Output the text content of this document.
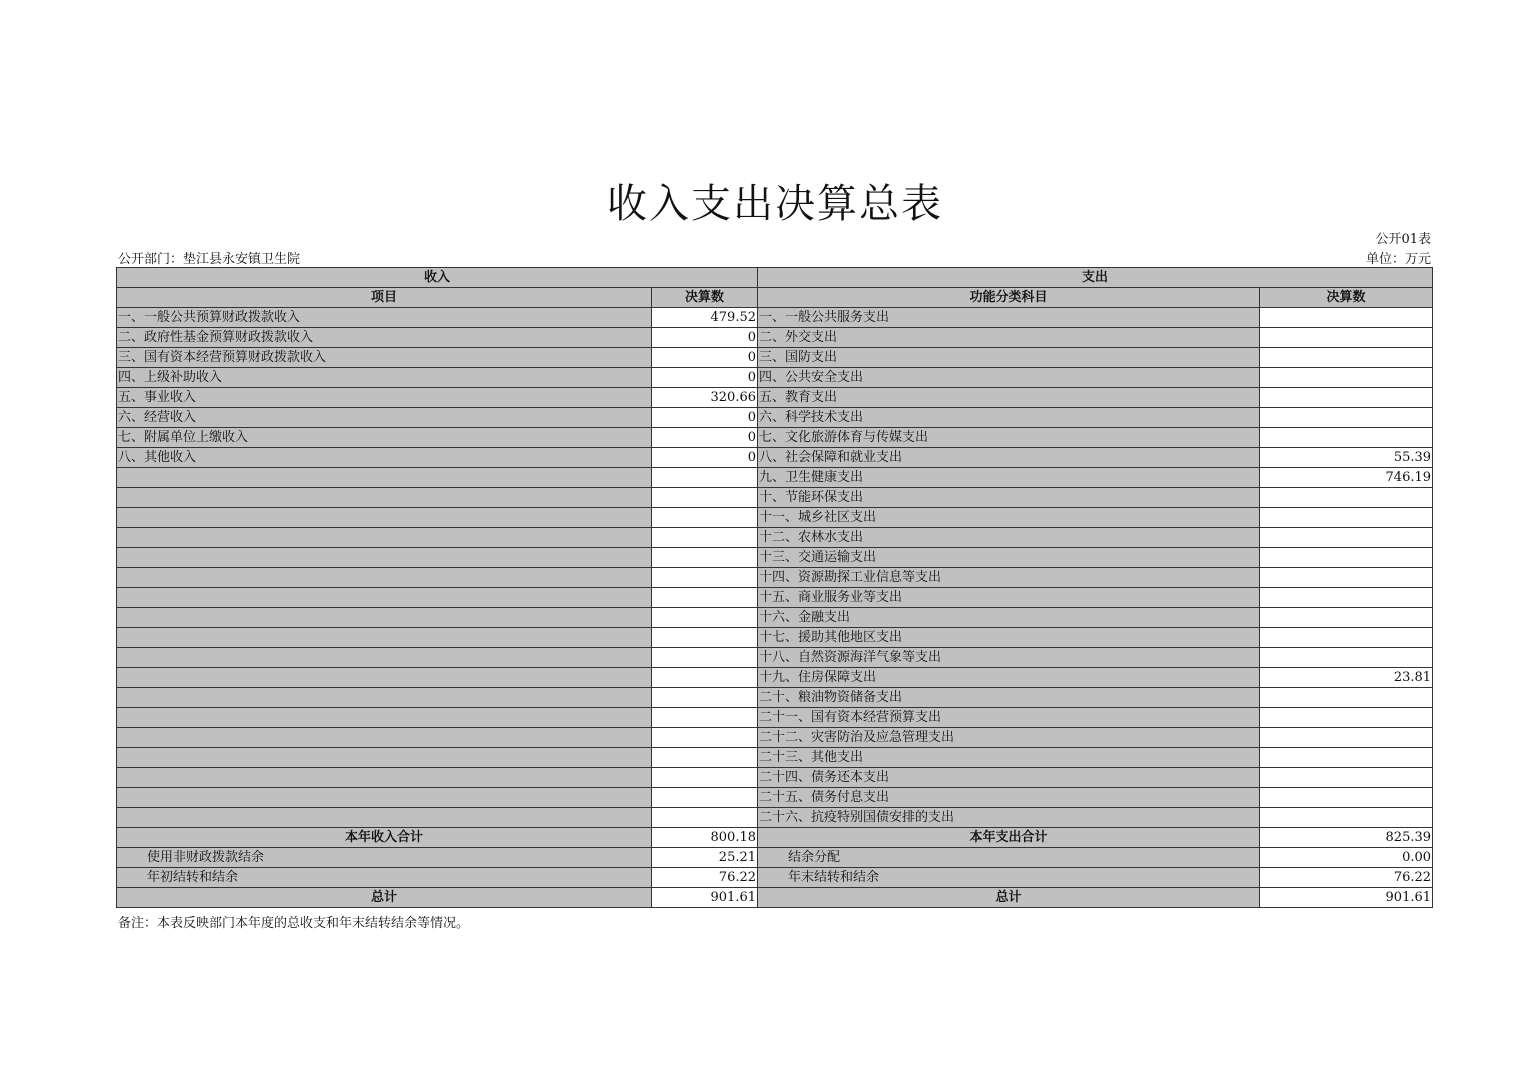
收入支出决算总表
公开01表
公开部门：垫江县永安镇卫生院	单位：万元
收入		支出	
项目	决算数	功能分类科目	决算数
一、一般公共预算财政拨款收入	479.52	一、一般公共服务支出	
二、政府性基金预算财政拨款收入	0	二、外交支出	
三、国有资本经营预算财政拨款收入	0	三、国防支出	
四、上级补助收入	0	四、公共安全支出	
五、事业收入	320.66	五、教育支出	
六、经营收入	0	六、科学技术支出	
七、附属单位上缴收入	0	七、文化旅游体育与传媒支出	
八、其他收入	0	八、社会保障和就业支出	55.39
		九、卫生健康支出	746.19
		十、节能环保支出	
		十一、城乡社区支出	
		十二、农林水支出	
		十三、交通运输支出	
		十四、资源勘探工业信息等支出	
		十五、商业服务业等支出	
		十六、金融支出	
		十七、援助其他地区支出	
		十八、自然资源海洋气象等支出	
		十九、住房保障支出	23.81
		二十、粮油物资储备支出	
		二十一、国有资本经营预算支出	
		二十二、灾害防治及应急管理支出	
		二十三、其他支出	
		二十四、债务还本支出	
		二十五、债务付息支出	
		二十六、抗疫特别国债安排的支出	
本年收入合计	800.18	本年支出合计	825.39
使用非财政拨款结余	25.21	结余分配	0.00
年初结转和结余	76.22	年末结转和结余	76.22
总计	901.61	总计	901.61
备注：本表反映部门本年度的总收支和年末结转结余等情况。
